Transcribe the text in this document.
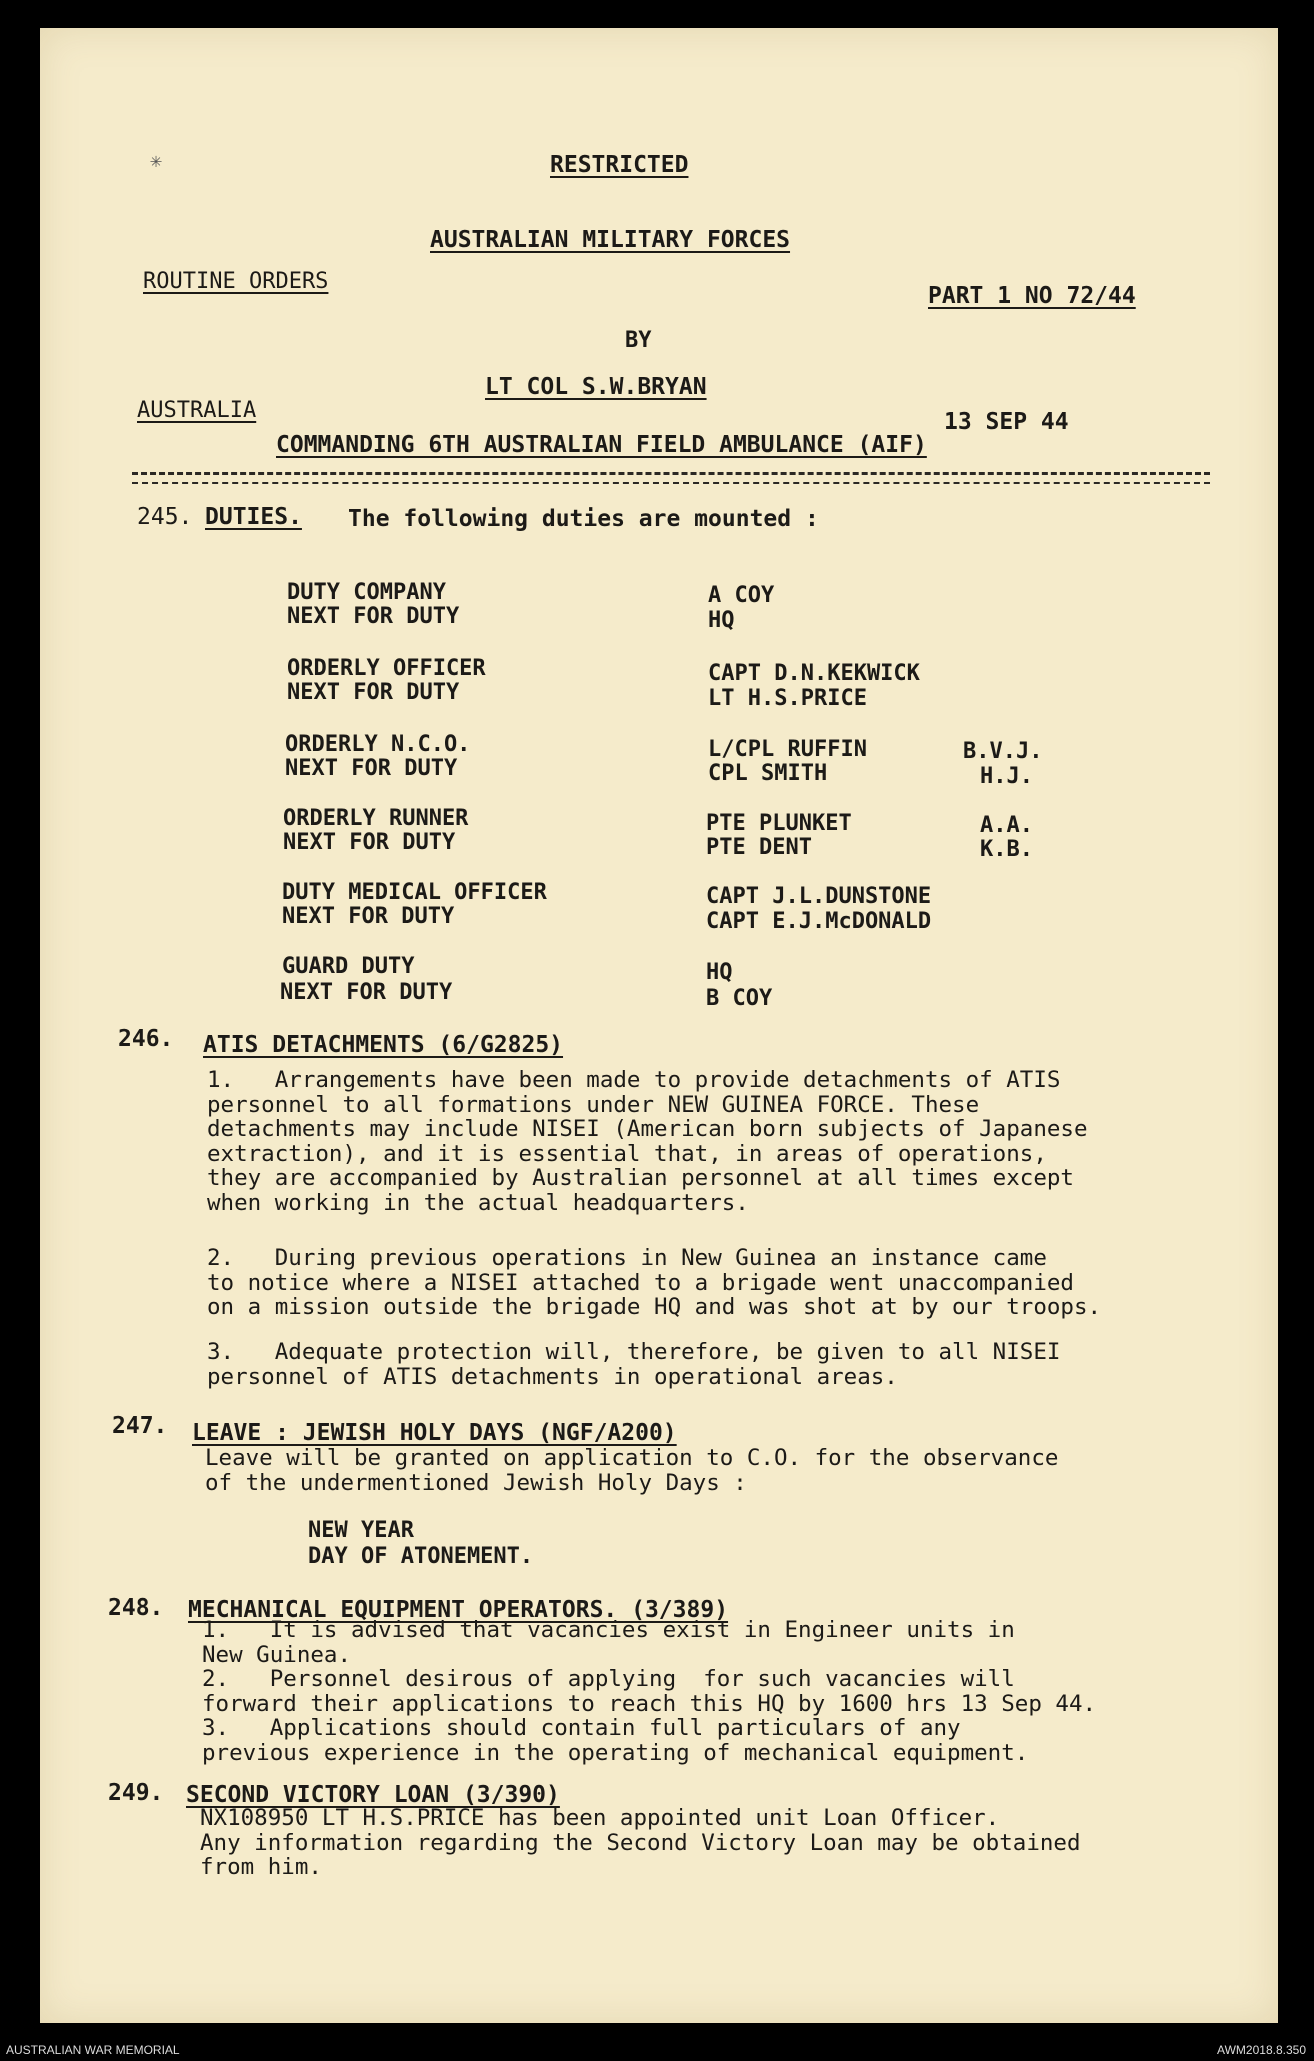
✳	RESTRICTED
AUSTRALIAN MILITARY FORCES
ROUTINE ORDERS
PART 1 NO 72/44
BY
LT COL S.W.BRYAN
AUSTRALIA	13 SEP 44
COMMANDING 6TH AUSTRALIAN FIELD AMBULANCE (AIF)
245. DUTIES. The following duties are mounted :
DUTY COMPANY	A COY
NEXT FOR DUTY	HQ
ORDERLY OFFICER	CAPT D.N.KEKWICK
NEXT FOR DUTY	LT H.S.PRICE
ORDERLY N.C.O.	L/CPL RUFFIN	B.V.J.
NEXT FOR DUTY	CPL SMITH	H.J.
ORDERLY RUNNER	PTE PLUNKET	A.A.
NEXT FOR DUTY	PTE DENT	K.B.
DUTY MEDICAL OFFICER	CAPT J.L.DUNSTONE
NEXT FOR DUTY	CAPT E.J.McDONALD
GUARD DUTY	HQ
NEXT FOR DUTY	B COY
246. ATIS DETACHMENTS (6/G2825)
1.   Arrangements have been made to provide detachments of ATIS
personnel to all formations under NEW GUINEA FORCE. These
detachments may include NISEI (American born subjects of Japanese
extraction), and it is essential that, in areas of operations,
they are accompanied by Australian personnel at all times except
when working in the actual headquarters.
2.   During previous operations in New Guinea an instance came
to notice where a NISEI attached to a brigade went unaccompanied
on a mission outside the brigade HQ and was shot at by our troops.
3.   Adequate protection will, therefore, be given to all NISEI
personnel of ATIS detachments in operational areas.
247. LEAVE : JEWISH HOLY DAYS (NGF/A200)
Leave will be granted on application to C.O. for the observance
of the undermentioned Jewish Holy Days :
NEW YEAR
DAY OF ATONEMENT.
248. MECHANICAL EQUIPMENT OPERATORS. (3/389)
1.   It is advised that vacancies exist in Engineer units in
New Guinea.
2.   Personnel desirous of applying  for such vacancies will
forward their applications to reach this HQ by 1600 hrs 13 Sep 44.
3.   Applications should contain full particulars of any
previous experience in the operating of mechanical equipment.
249. SECOND VICTORY LOAN (3/390)
NX108950 LT H.S.PRICE has been appointed unit Loan Officer.
Any information regarding the Second Victory Loan may be obtained
from him.
AUSTRALIAN WAR MEMORIAL	AWM2018.8.350
